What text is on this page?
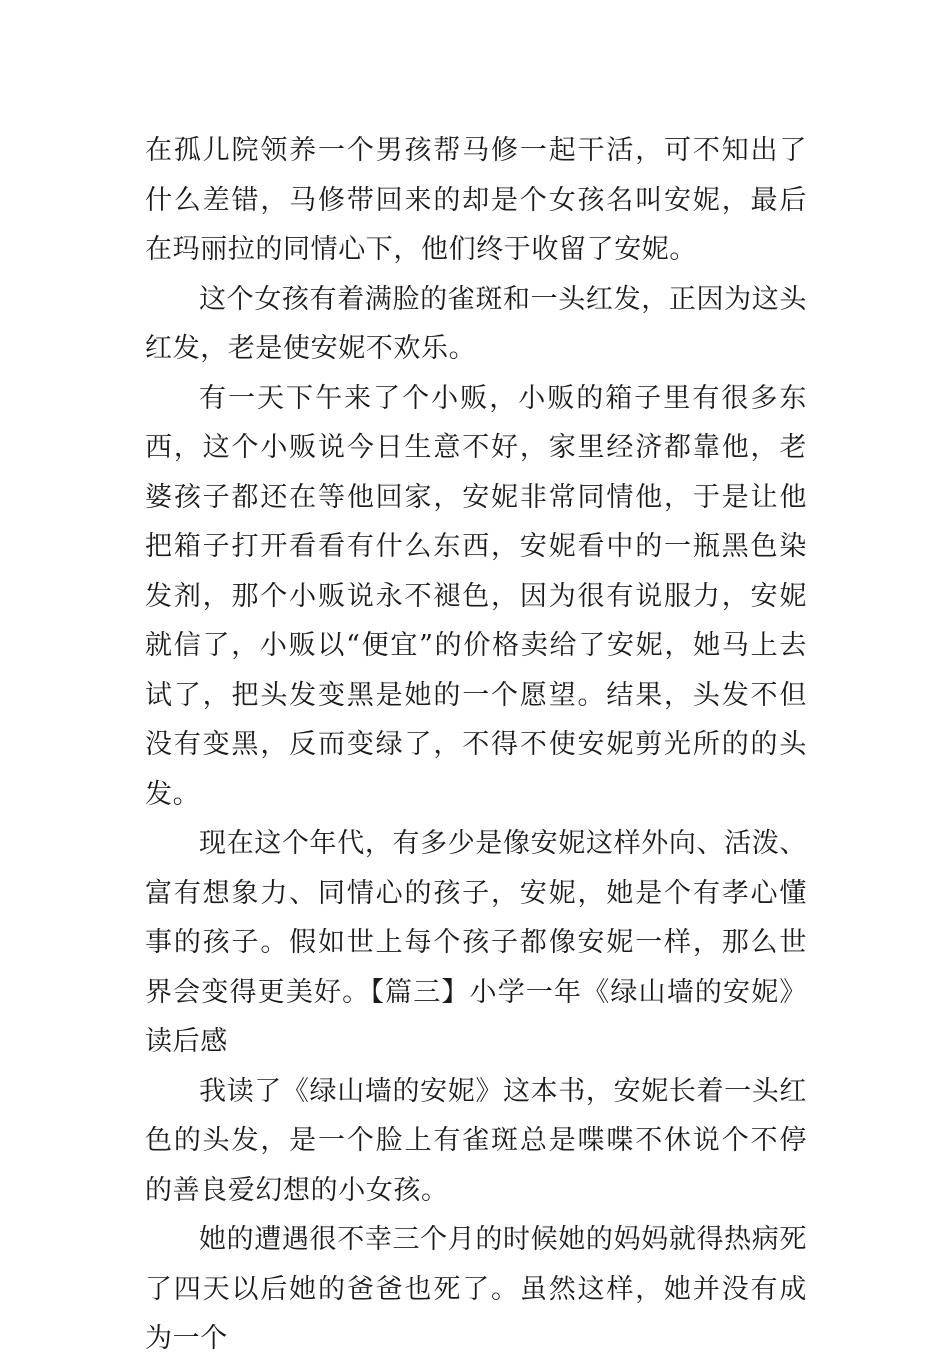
在孤儿院领养一个男孩帮马修一起干活，可不知出了什么差错，马修带回来的却是个女孩名叫安妮，最后在玛丽拉的同情心下，他们终于收留了安妮。

这个女孩有着满脸的雀斑和一头红发，正因为这头红发，老是使安妮不欢乐。

有一天下午来了个小贩，小贩的箱子里有很多东西，这个小贩说今日生意不好，家里经济都靠他，老婆孩子都还在等他回家，安妮非常同情他，于是让他把箱子打开看看有什么东西，安妮看中的一瓶黑色染发剂，那个小贩说永不褪色，因为很有说服力，安妮就信了，小贩以“便宜”的价格卖给了安妮，她马上去试了，把头发变黑是她的一个愿望。结果，头发不但没有变黑，反而变绿了，不得不使安妮剪光所的的头发。

现在这个年代，有多少是像安妮这样外向、活泼、富有想象力、同情心的孩子，安妮，她是个有孝心懂事的孩子。假如世上每个孩子都像安妮一样，那么世界会变得更美好。【篇三】小学一年《绿山墙的安妮》读后感

我读了《绿山墙的安妮》这本书，安妮长着一头红色的头发，是一个脸上有雀斑总是喋喋不休说个不停的善良爱幻想的小女孩。

她的遭遇很不幸三个月的时候她的妈妈就得热病死了四天以后她的爸爸也死了。虽然这样，她并没有成为一个
